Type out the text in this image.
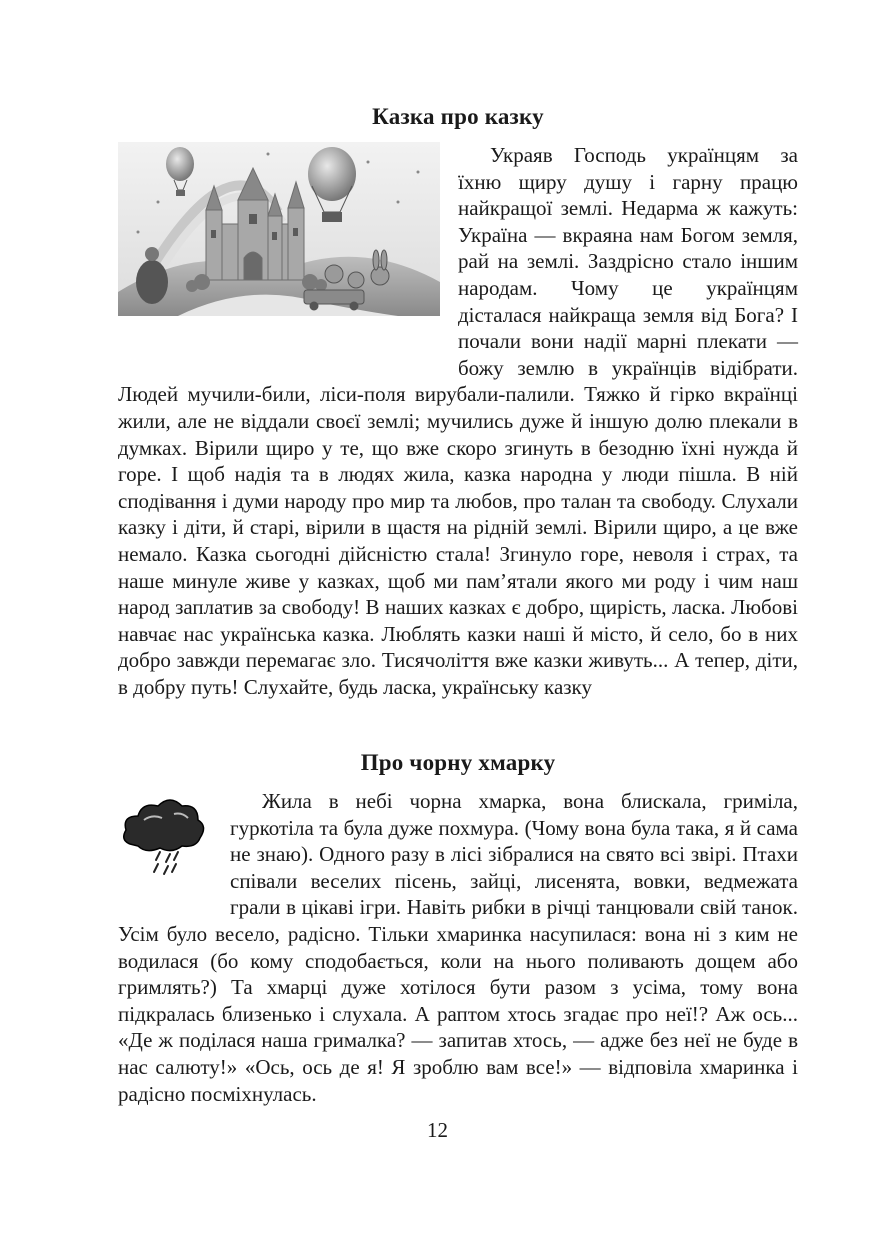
Казка про казку

Украяв Господь українцям за їхню щиру душу і гарну працю найкращої землі. Недарма ж кажуть: Україна — вкраяна нам Богом земля, рай на землі. Заздрісно стало іншим народам. Чому це українцям дісталася найкраща земля від Бога? І почали вони надії марні плекати — божу землю в українців відібрати. Людей мучили-били, ліси-поля вирубали-палили. Тяжко й гірко вкраїнці жили, але не віддали своєї землі; мучились дуже й іншую долю плекали в думках. Вірили щиро у те, що вже скоро згинуть в безодню їхні нужда й горе. І щоб надія та в людях жила, казка народна у люди пішла. В ній сподівання і думи народу про мир та любов, про талан та свободу. Слухали казку і діти, й старі, вірили в щастя на рідній землі. Вірили щиро, а це вже немало. Казка сьогодні дійсністю стала! Згинуло горе, неволя і страх, та наше минуле живе у казках, щоб ми пам’ятали якого ми роду і чим наш народ заплатив за свободу! В наших казках є добро, щирість, ласка. Любові навчає нас українська казка. Люблять казки наші й місто, й село, бо в них добро завжди перемагає зло. Тисячоліття вже казки живуть... А тепер, діти, в добру путь! Слухайте, будь ласка, українську казку

Про чорну хмарку

Жила в небі чорна хмарка, вона блискала, гриміла, гуркотіла та була дуже похмура. (Чому вона була така, я й сама не знаю). Одного разу в лісі зібралися на свято всі звірі. Птахи співали веселих пісень, зайці, лисенята, вовки, ведмежата грали в цікаві ігри. Навіть рибки в річці танцювали свій танок. Усім було весело, радісно. Тільки хмаринка насупилася: вона ні з ким не водилася (бо кому сподобається, коли на нього поливають дощем або гримлять?) Та хмарці дуже хотілося бути разом з усіма, тому вона підкралась близенько і слухала. А раптом хтось згадає про неї!? Аж ось... «Де ж поділася наша грималка? — запитав хтось, — адже без неї не буде в нас салюту!» «Ось, ось де я! Я зроблю вам все!» — відповіла хмаринка і радісно посміхнулась.

12
